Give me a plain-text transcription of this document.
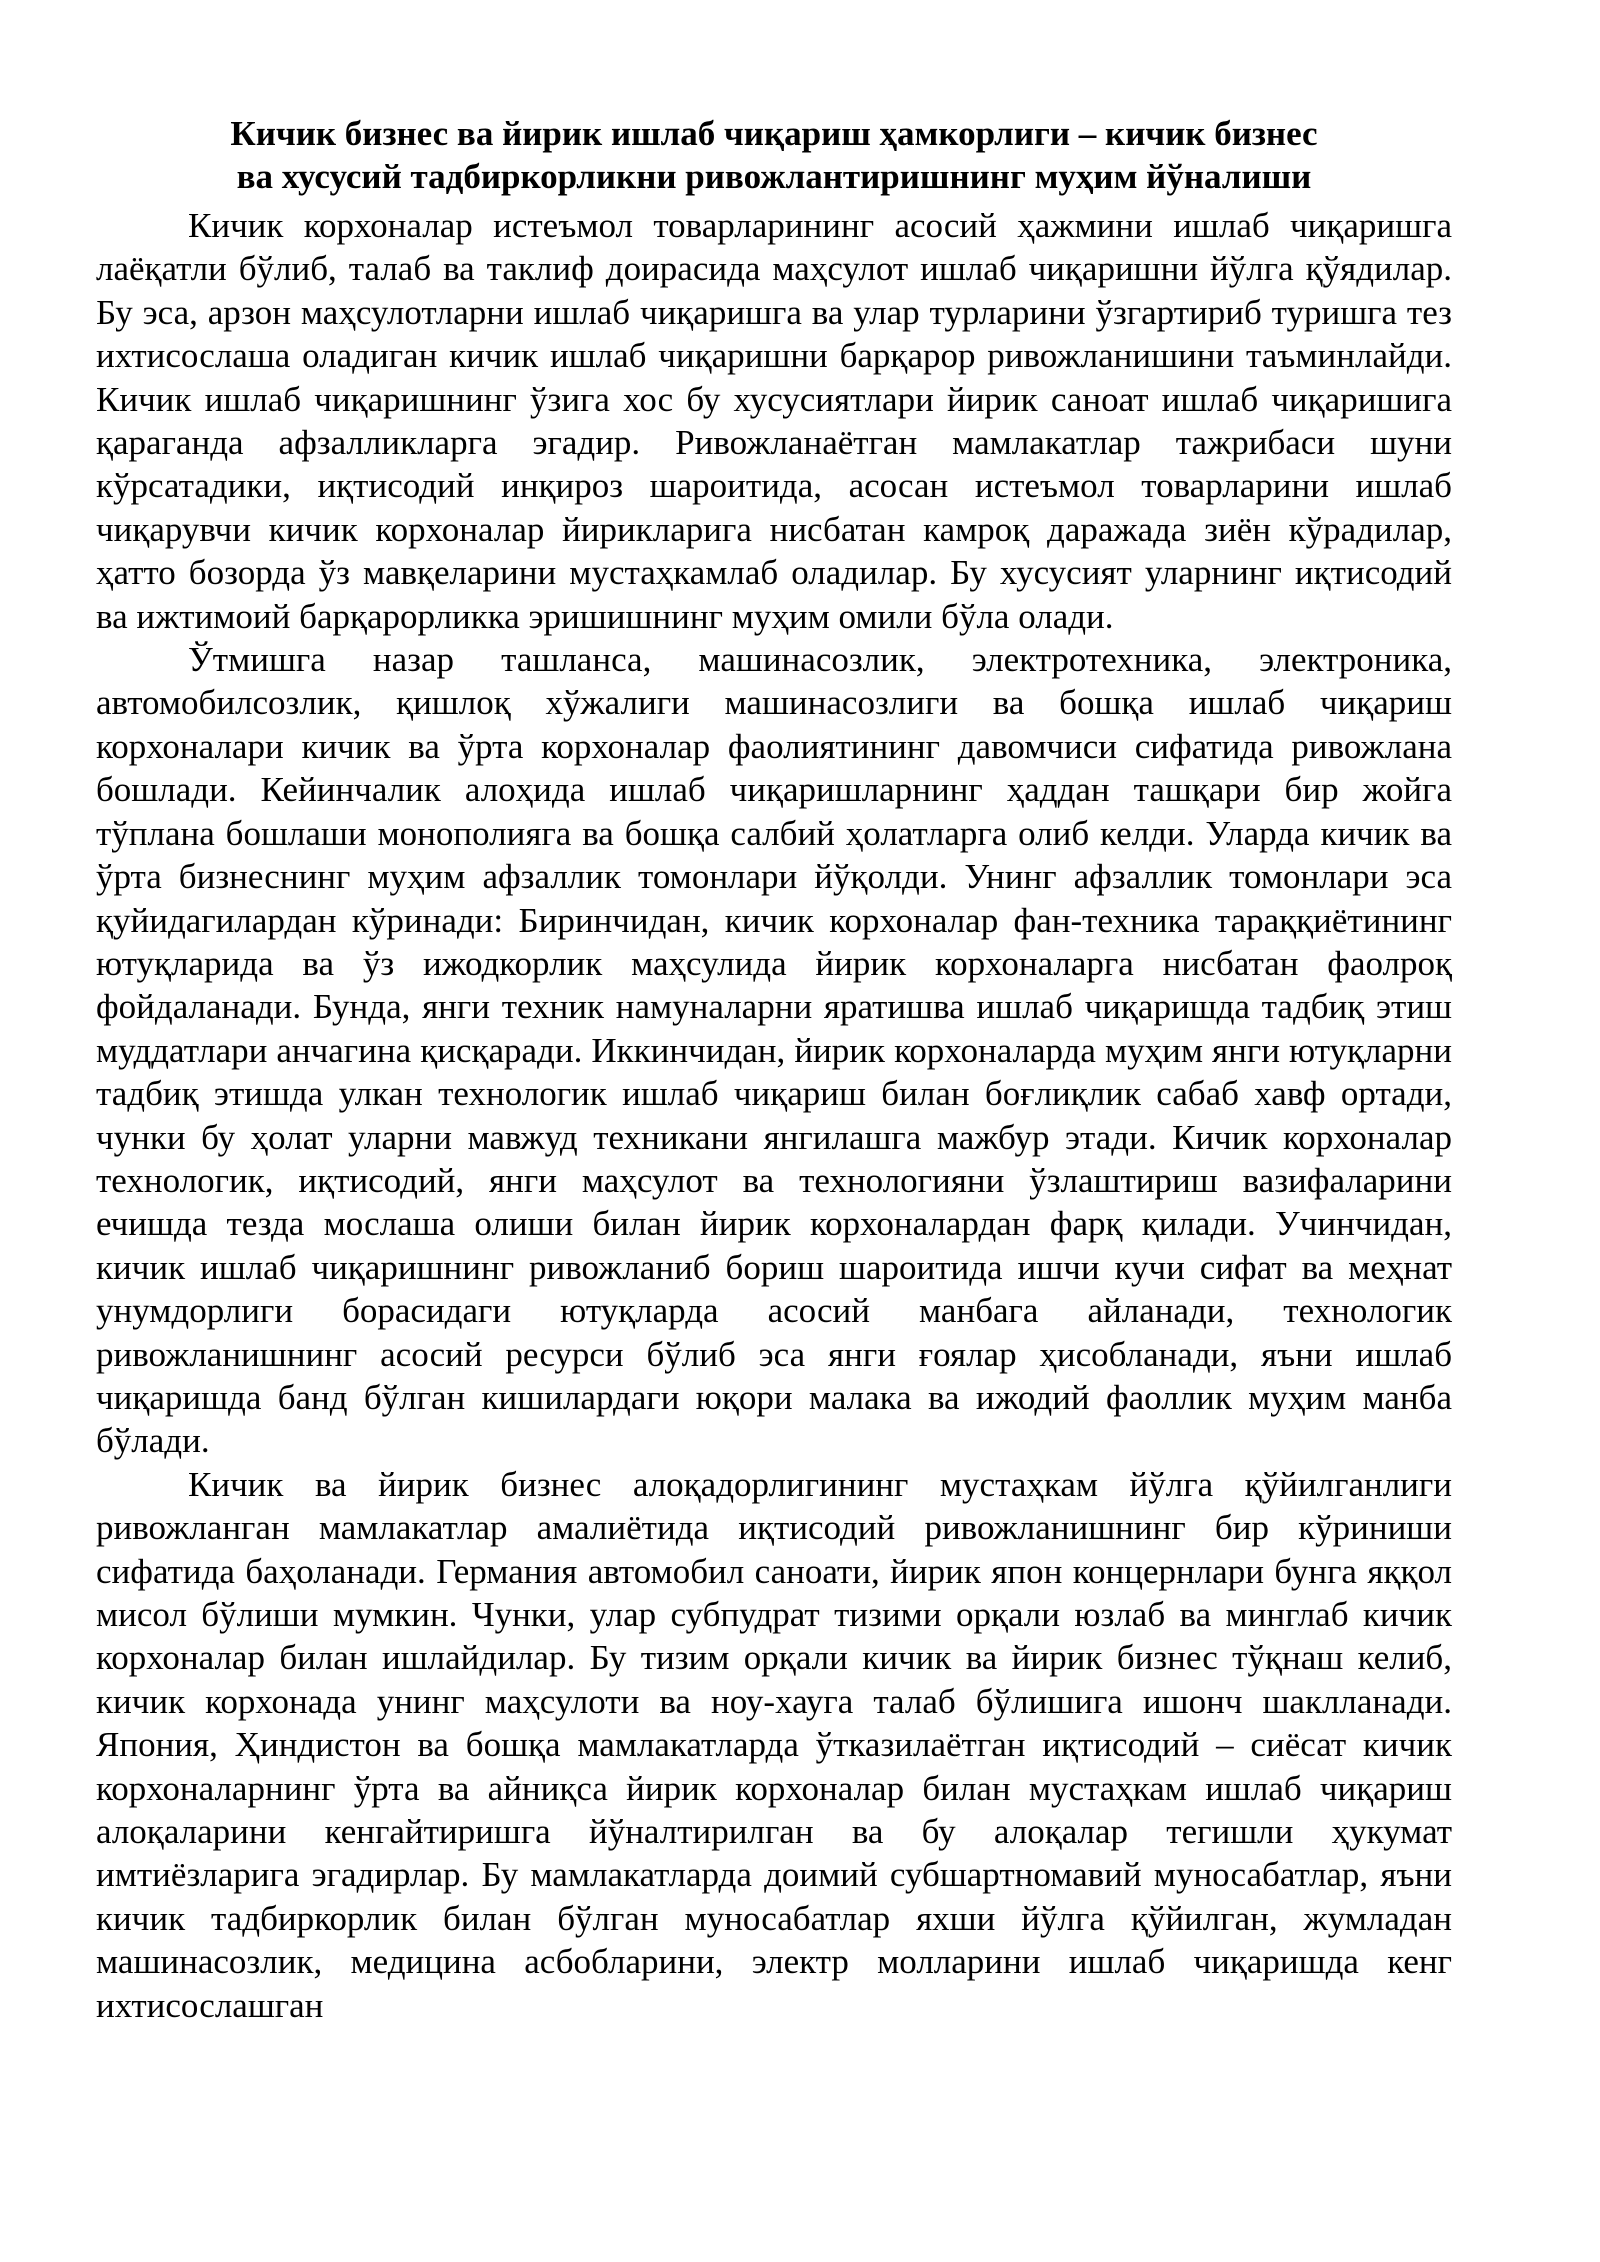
Кичик бизнес ва йирик ишлаб чиқариш ҳамкорлиги – кичик бизнес
ва хусусий тадбиркорликни ривожлантиришнинг муҳим йўналиши

Кичик корхоналар истеъмол товарларининг асосий ҳажмини ишлаб чиқаришга лаёқатли бўлиб, талаб ва таклиф доирасида маҳсулот ишлаб чиқаришни йўлга қўядилар. Бу эса, арзон маҳсулотларни ишлаб чиқаришга ва улар турларини ўзгартириб туришга тез ихтисослаша оладиган кичик ишлаб чиқаришни барқарор ривожланишини таъминлайди. Кичик ишлаб чиқаришнинг ўзига хос бу хусусиятлари йирик саноат ишлаб чиқаришига қараганда афзалликларга эгадир. Ривожланаётган мамлакатлар тажрибаси шуни кўрсатадики, иқтисодий инқироз шароитида, асосан истеъмол товарларини ишлаб чиқарувчи кичик корхоналар йирикларига нисбатан камроқ даражада зиён кўрадилар, ҳатто бозорда ўз мавқеларини мустаҳкамлаб оладилар. Бу хусусият уларнинг иқтисодий ва ижтимоий барқарорликка эришишнинг муҳим омили бўла олади.

Ўтмишга назар ташланса, машинасозлик, электротехника, электроника, автомобилсозлик, қишлоқ хўжалиги машинасозлиги ва бошқа ишлаб чиқариш корхоналари кичик ва ўрта корхоналар фаолиятининг давомчиси сифатида ривожлана бошлади. Кейинчалик алоҳида ишлаб чиқаришларнинг ҳаддан ташқари бир жойга тўплана бошлаши монополияга ва бошқа салбий ҳолатларга олиб келди. Уларда кичик ва ўрта бизнеснинг муҳим афзаллик томонлари йўқолди. Унинг афзаллик томонлари эса қуйидагилардан кўринади: Биринчидан, кичик корхоналар фан-техника тараққиётининг ютуқларида ва ўз ижодкорлик маҳсулида йирик корхоналарга нисбатан фаолроқ фойдаланади. Бунда, янги техник намуналарни яратишва ишлаб чиқаришда тадбиқ этиш муддатлари анчагина қисқаради. Иккинчидан, йирик корхоналарда муҳим янги ютуқларни тадбиқ этишда улкан технологик ишлаб чиқариш билан боғлиқлик сабаб хавф ортади, чунки бу ҳолат уларни мавжуд техникани янгилашга мажбур этади. Кичик корхоналар технологик, иқтисодий, янги маҳсулот ва технологияни ўзлаштириш вазифаларини ечишда тезда мослаша олиши билан йирик корхоналардан фарқ қилади. Учинчидан, кичик ишлаб чиқаришнинг ривожланиб бориш шароитида ишчи кучи сифат ва меҳнат унумдорлиги борасидаги ютуқларда асосий манбага айланади, технологик ривожланишнинг асосий ресурси бўлиб эса янги ғоялар ҳисобланади, яъни ишлаб чиқаришда банд бўлган кишилардаги юқори малака ва ижодий фаоллик муҳим манба бўлади.

Кичик ва йирик бизнес алоқадорлигининг мустаҳкам йўлга қўйилганлиги ривожланган мамлакатлар амалиётида иқтисодий ривожланишнинг бир кўриниши сифатида баҳоланади. Германия автомобил саноати, йирик япон концернлари бунга яққол мисол бўлиши мумкин. Чунки, улар субпудрат тизими орқали юзлаб ва минглаб кичик корхоналар билан ишлайдилар. Бу тизим орқали кичик ва йирик бизнес тўқнаш келиб, кичик корхонада унинг маҳсулоти ва ноу-хауга талаб бўлишига ишонч шаклланади. Япония, Ҳиндистон ва бошқа мамлакатларда ўтказилаётган иқтисодий – сиёсат кичик корхоналарнинг ўрта ва айниқса йирик корхоналар билан мустаҳкам ишлаб чиқариш алоқаларини кенгайтиришга йўналтирилган ва бу алоқалар тегишли ҳукумат имтиёзларига эгадирлар. Бу мамлакатларда доимий субшартномавий муносабатлар, яъни кичик тадбиркорлик билан бўлган муносабатлар яхши йўлга қўйилган, жумладан машинасозлик, медицина асбобларини, электр молларини ишлаб чиқаришда кенг ихтисослашган
